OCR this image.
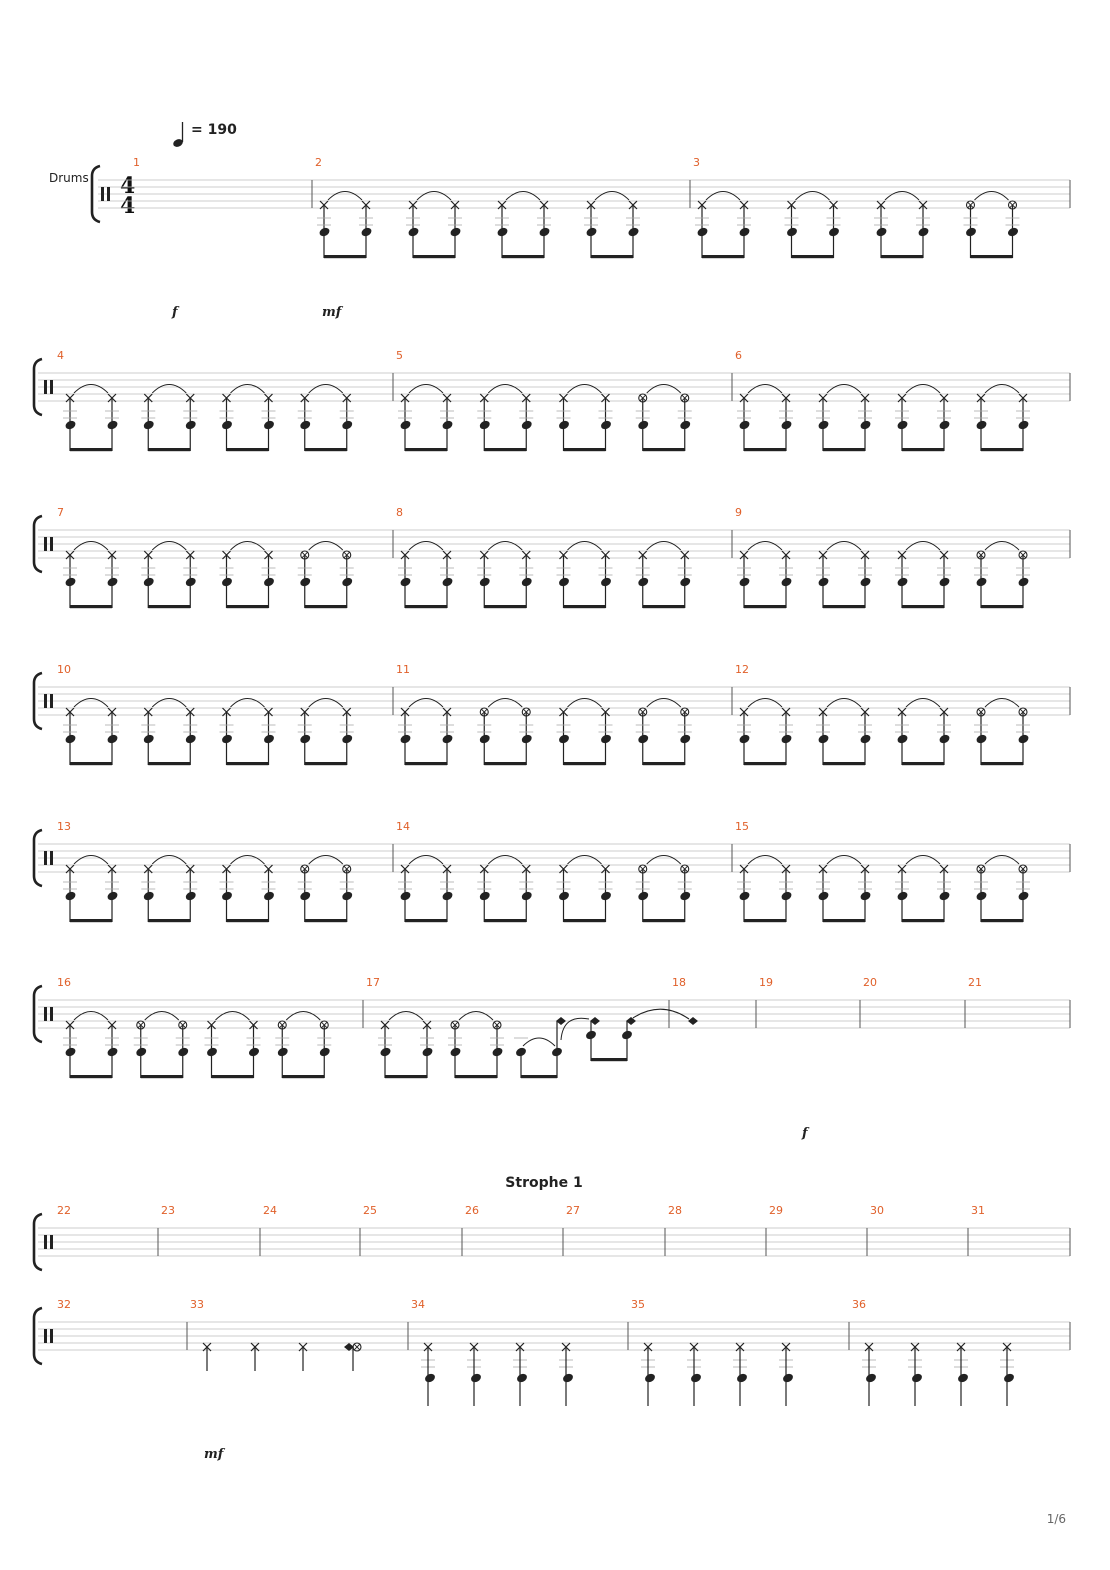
= 190
Drums 4
4
Strophe 1
1/6
f	mf
f
mf
1	2	3
4	5	6
7	8	9
10	11	12
13	14	15
16	17	18	19	20	21
22	23	24	25	26	27	28	29	30	31
32	33	34	35	36
